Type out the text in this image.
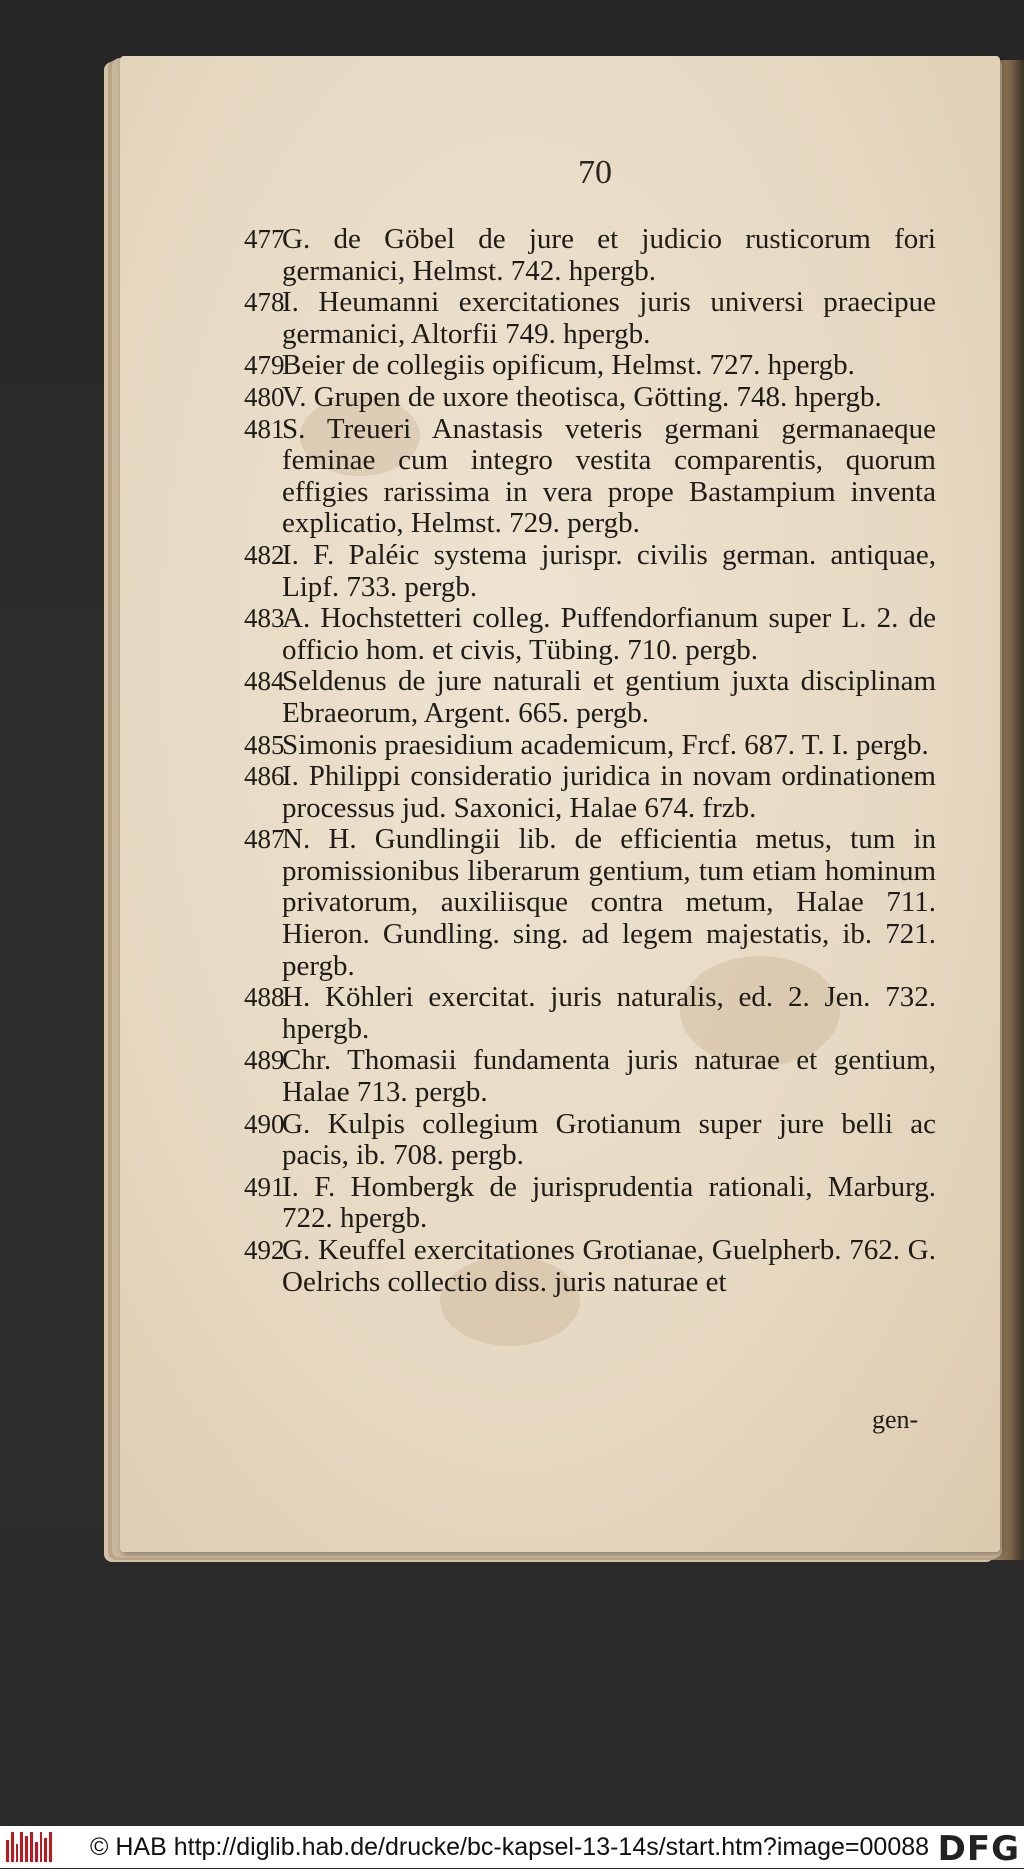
70
477
G. de Göbel de jure et judicio rusticorum fori germanici, Helmst. 742. hpergb.
478
I. Heumanni exercitationes juris universi praecipue germanici, Altorfii 749. hpergb.
479
Beier de collegiis opificum, Helmst. 727. hpergb.
480
V. Grupen de uxore theotisca, Götting. 748. hpergb.
481
S. Treueri Anastasis veteris germani germanaeque feminae cum integro vestita comparentis, quorum effigies rarissima in vera prope Bastampium inventa explicatio, Helmst. 729. pergb.
482
I. F. Paléic systema jurispr. civilis german. antiquae, Lipf. 733. pergb.
483
A. Hochstetteri colleg. Puffendorfianum super L. 2. de officio hom. et civis, Tübing. 710. pergb.
484
Seldenus de jure naturali et gentium juxta disciplinam Ebraeorum, Argent. 665. pergb.
485
Simonis praesidium academicum, Frcf. 687. T. I. pergb.
486
I. Philippi consideratio juridica in novam ordinationem processus jud. Saxonici, Halae 674. frzb.
487
N. H. Gundlingii lib. de efficientia metus, tum in promissionibus liberarum gentium, tum etiam hominum privatorum, auxiliisque contra metum, Halae 711. Hieron. Gundling. sing. ad legem majestatis, ib. 721. pergb.
488
H. Köhleri exercitat. juris naturalis, ed. 2. Jen. 732. hpergb.
489
Chr. Thomasii fundamenta juris naturae et gentium, Halae 713. pergb.
490
G. Kulpis collegium Grotianum super jure belli ac pacis, ib. 708. pergb.
491
I. F. Hombergk de jurisprudentia rationali, Marburg. 722. hpergb.
492
G. Keuffel exercitationes Grotianae, Guelpherb. 762. G. Oelrichs collectio diss. juris naturae et
gen-
© HAB http://diglib.hab.de/drucke/bc-kapsel-13-14s/start.htm?image=00088 DFG
